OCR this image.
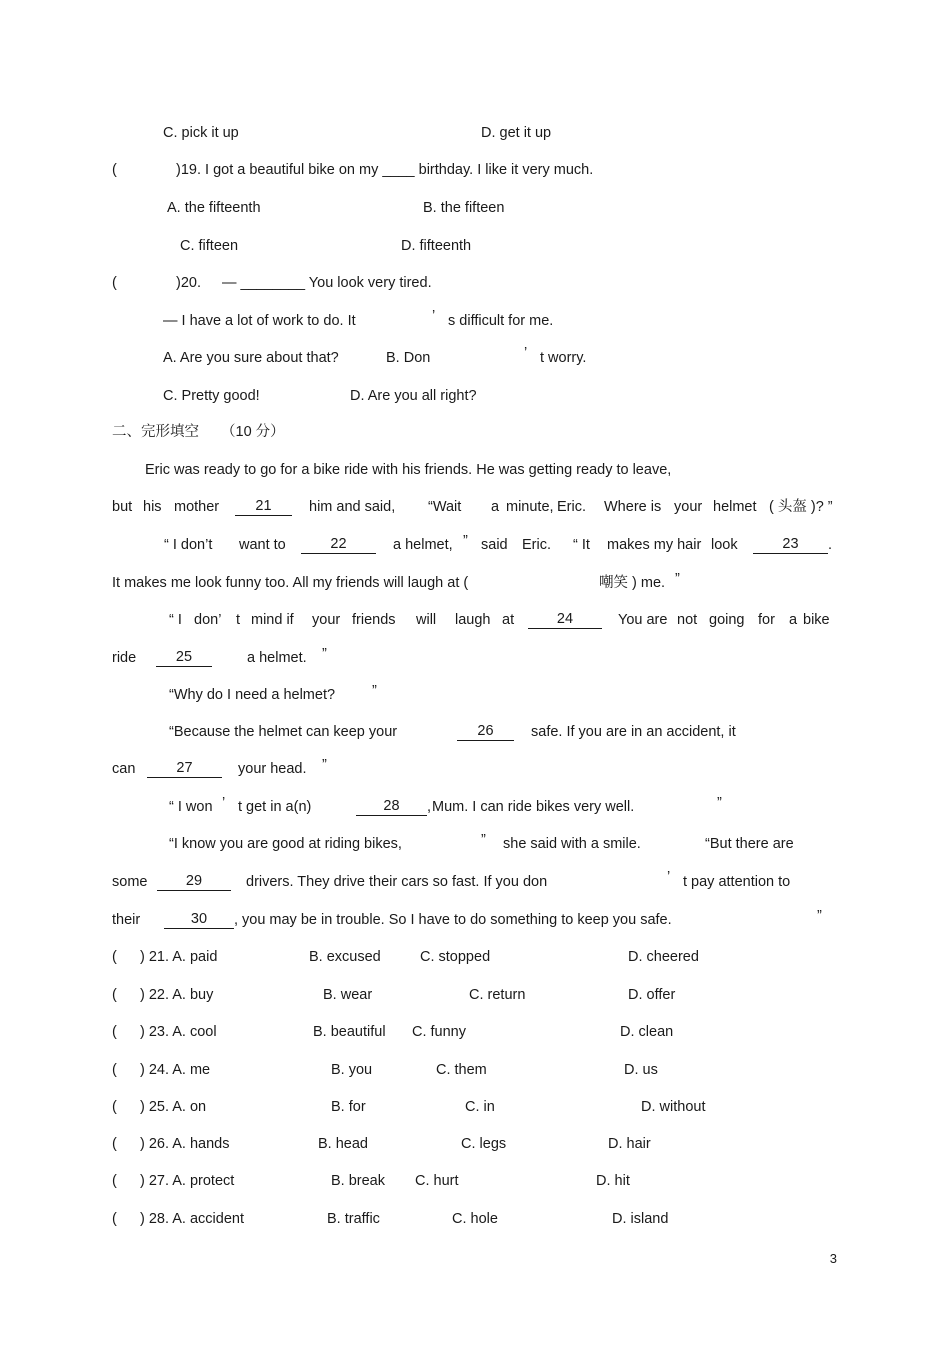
C. pick it up	D. get it up
(	)19. I got a beautiful bike on my ____ birthday. I like it very much.
A. the fifteenth	B. the fifteen
C. fifteen	D. fifteenth
(	)20. — ________ You look very tired.
— I have a lot of work to do. It	’ s difficult for me.
A. Are you sure about that?	B. Don	’ t worry.
C. Pretty good!	D. Are you all right?
二、完形填空 （10 分）
Eric was ready to go for a bike ride with his friends. He was getting ready to leave,
but his mother	21	him and said, “Wait a minute, Eric. Where is your helmet ( 头盔 )? ”
“ I don’t want to	22	a helmet, ” said Eric. “ It makes my hair look	23	.
It makes me look funny too. All my friends will laugh at (	嘲笑 ) me. ”
“ I don’ t mind if your friends will laugh at	24	You are not going for a bike
ride	25	a helmet. ”
“Why do I need a helmet?	”
“Because the helmet can keep your	26	safe. If you are in an accident, it
can	27	your head. ”
“ I won ’ t get in a(n)	28	, Mum. I can ride bikes very well.	”
“I know you are good at riding bikes,	” she said with a smile.	“But there are
some	29	drivers. They drive their cars so fast. If you don	’ t pay attention to
their	30	, you may be in trouble. So I have to do something to keep you safe.	”
( ) 21. A. paid	B. excused	C. stopped	D. cheered
( ) 22. A. buy	B. wear	C. return	D. offer
( ) 23. A. cool	B. beautiful C. funny	D. clean
( ) 24. A. me	B. you	C. them	D. us
( ) 25. A. on	B. for	C. in	D. without
( ) 26. A. hands	B. head	C. legs	D. hair
( ) 27. A. protect	B. break C. hurt	D. hit
( ) 28. A. accident	B. traffic	C. hole	D. island
3
